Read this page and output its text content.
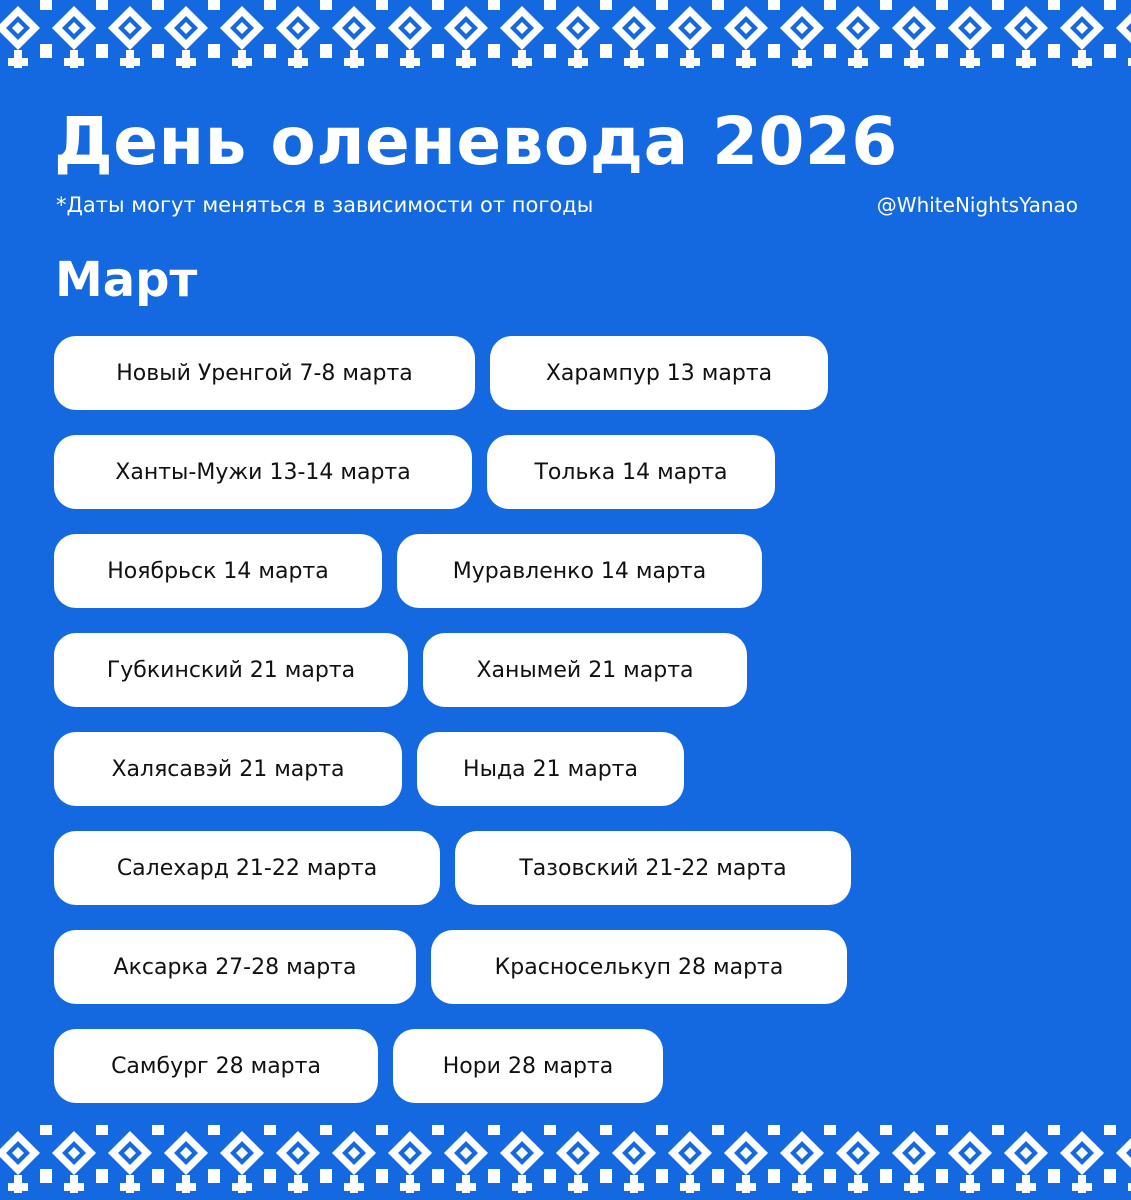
День оленевода 2026
*Даты могут меняться в зависимости от погоды	@WhiteNightsYanao
Март
Новый Уренгой 7-8 марта	Харампур 13 марта
Ханты-Мужи 13-14 марта	Толька 14 марта
Ноябрьск 14 марта	Муравленко 14 марта
Губкинский 21 марта	Ханымей 21 марта
Халясавэй 21 марта	Ныда 21 марта
Салехард 21-22 марта	Тазовский 21-22 марта
Аксарка 27-28 марта	Красноселькуп 28 марта
Самбург 28 марта	Нори 28 марта
